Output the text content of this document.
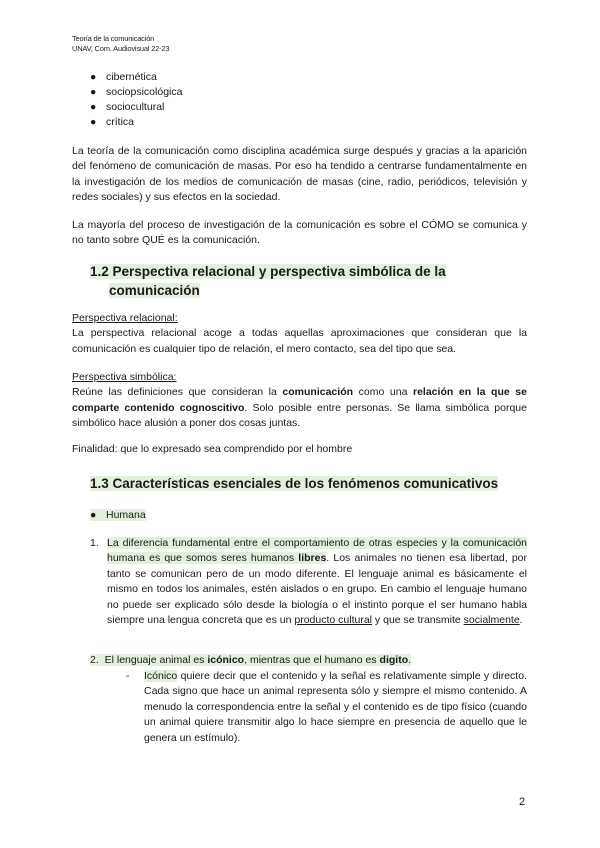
Teoría de la comunicación
UNAV, Com. Audiovisual 22-23
● cibernética
● sociopsicológica
● sociocultural
● crítica
La teoría de la comunicación como disciplina académica surge después y gracias a la aparición del fenómeno de comunicación de masas. Por eso ha tendido a centrarse fundamentalmente en la investigación de los medios de comunicación de masas (cine, radio, periódicos, televisión y redes sociales) y sus efectos en la sociedad.
La mayoría del proceso de investigación de la comunicación es sobre el CÓMO se comunica y no tanto sobre QUÉ es la comunicación.
1.2 Perspectiva relacional y perspectiva simbólica de la
comunicación
Perspectiva relacional:
La perspectiva relacional acoge a todas aquellas aproximaciones que consideran que la comunicación es cualquier tipo de relación, el mero contacto, sea del tipo que sea.
Perspectiva simbólica:
Reúne las definiciones que consideran la comunicación como una relación en la que se comparte contenido cognoscitivo. Solo posible entre personas. Se llama simbólica porque simbólico hace alusión a poner dos cosas juntas.
Finalidad: que lo expresado sea comprendido por el hombre
1.3 Características esenciales de los fenómenos comunicativos
● Humana
1. La diferencia fundamental entre el comportamiento de otras especies y la comunicación humana es que somos seres humanos libres. Los animales no tienen esa libertad, por tanto se comunican pero de un modo diferente. El lenguaje animal es básicamente el mismo en todos los animales, estén aislados o en grupo. En cambio el lenguaje humano no puede ser explicado sólo desde la biología o el instinto porque el ser humano habla siempre una lengua concreta que es un producto cultural y que se transmite socialmente.
2. El lenguaje animal es icónico, mientras que el humano es digito.
- Icónico quiere decir que el contenido y la señal es relativamente simple y directo. Cada signo que hace un animal representa sólo y siempre el mismo contenido. A menudo la correspondencia entre la señal y el contenido es de tipo físico (cuando un animal quiere transmitir algo lo hace siempre en presencia de aquello que le genera un estímulo).
2
